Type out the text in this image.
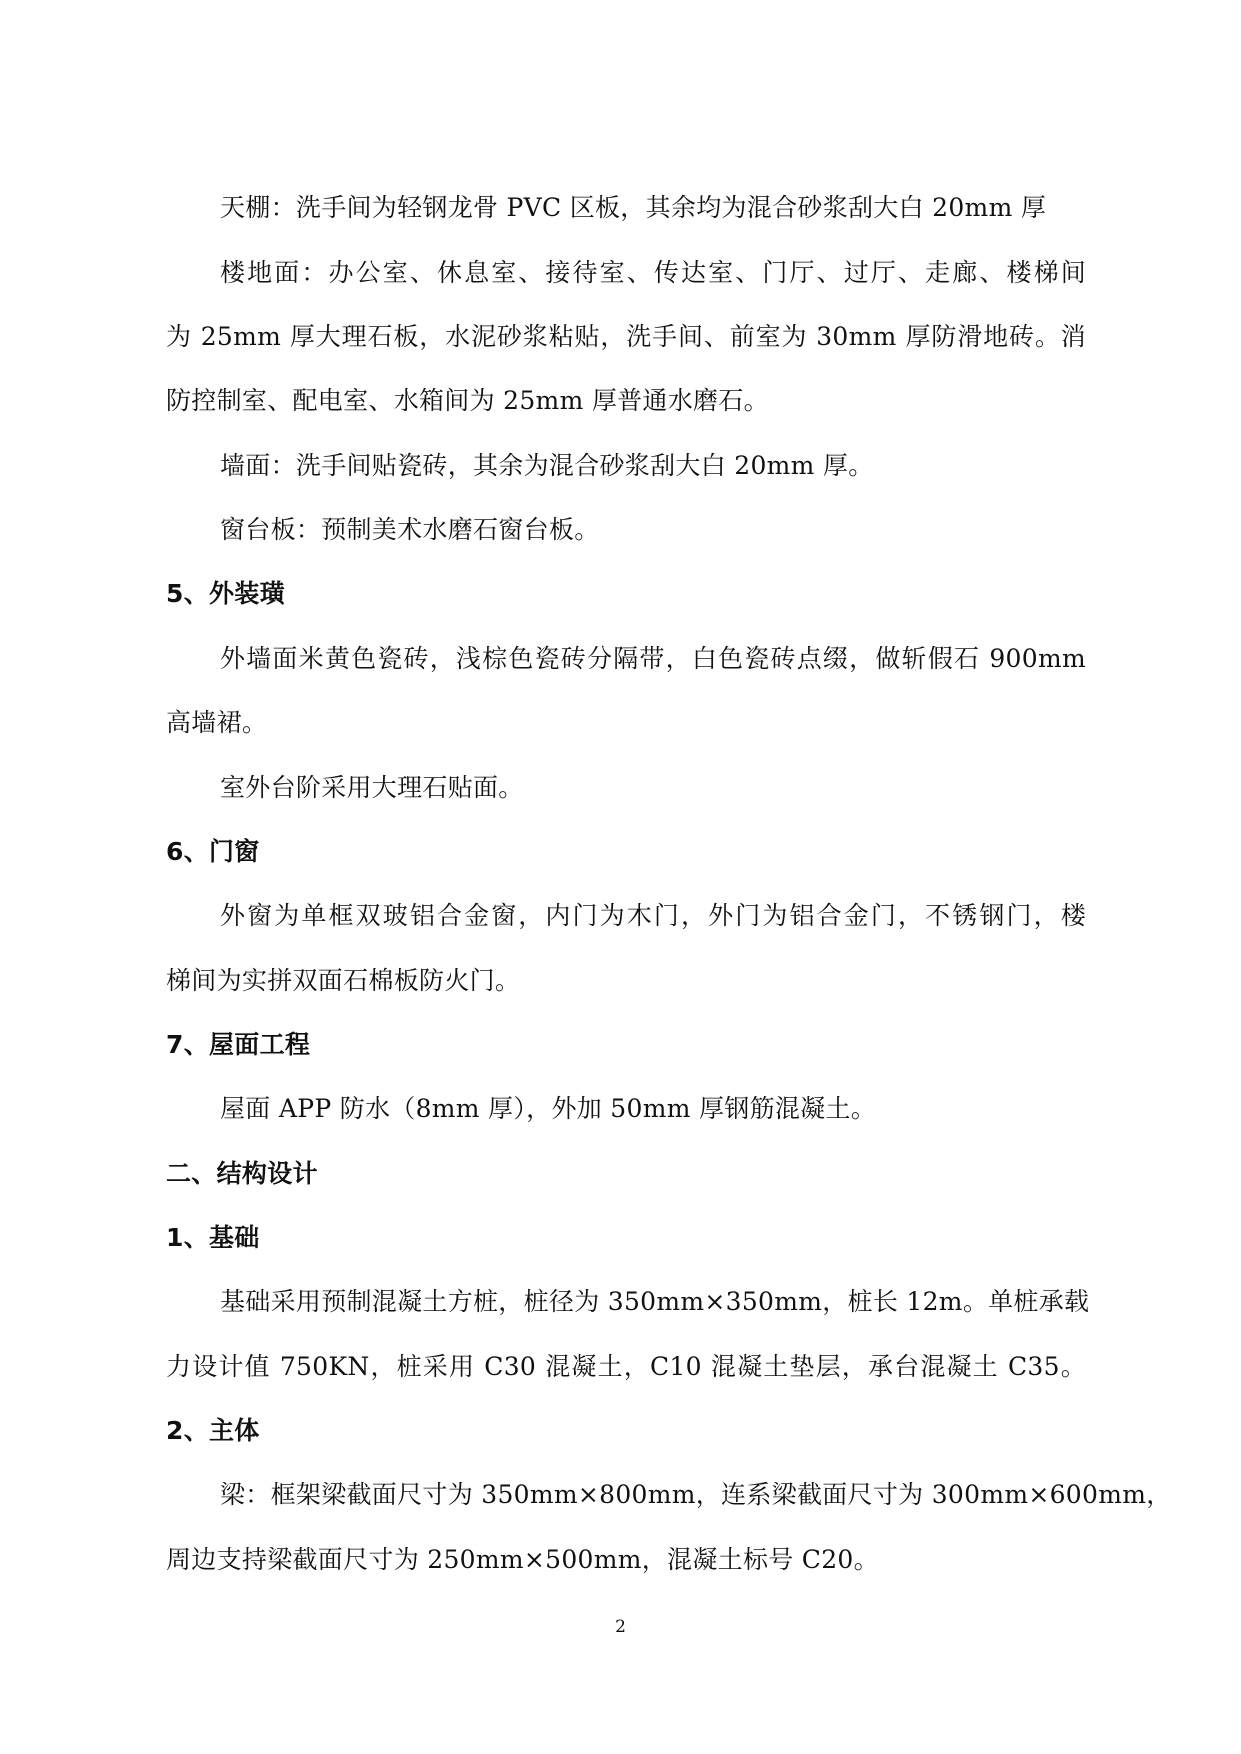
天棚：洗手间为轻钢龙骨 PVC 区板，其余均为混合砂浆刮大白 20mm 厚
楼地面：办公室、休息室、接待室、传达室、门厅、过厅、走廊、楼梯间
为 25mm 厚大理石板，水泥砂浆粘贴，洗手间、前室为 30mm 厚防滑地砖。消
防控制室、配电室、水箱间为 25mm 厚普通水磨石。
墙面：洗手间贴瓷砖，其余为混合砂浆刮大白 20mm 厚。
窗台板：预制美术水磨石窗台板。
5、外装璜
外墙面米黄色瓷砖，浅棕色瓷砖分隔带，白色瓷砖点缀，做斩假石 900mm
高墙裙。
室外台阶采用大理石贴面。
6、门窗
外窗为单框双玻铝合金窗，内门为木门，外门为铝合金门，不锈钢门，楼
梯间为实拼双面石棉板防火门。
7、屋面工程
屋面 APP 防水（8mm 厚），外加 50mm 厚钢筋混凝土。
二、结构设计
1、基础
基础采用预制混凝土方桩，桩径为 350mm×350mm，桩长 12m。单桩承载
力设计值 750KN，桩采用 C30 混凝土，C10 混凝土垫层，承台混凝土 C35。
2、主体
梁：框架梁截面尺寸为 350mm×800mm，连系梁截面尺寸为 300mm×600mm，
周边支持梁截面尺寸为 250mm×500mm，混凝土标号 C20。
2
